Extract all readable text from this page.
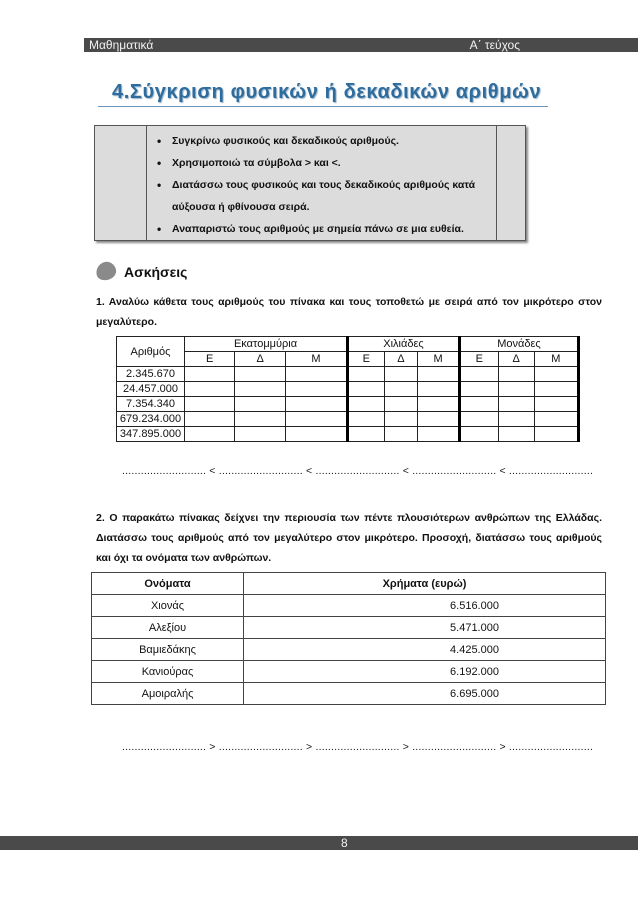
Μαθηματικά	Α΄ τεύχος
4.Σύγκριση φυσικών ή δεκαδικών αριθμών
• Συγκρίνω φυσικούς και δεκαδικούς αριθμούς.
• Χρησιμοποιώ τα σύμβολα > και <.
• Διατάσσω τους φυσικούς και τους δεκαδικούς αριθμούς κατά
αύξουσα ή φθίνουσα σειρά.
• Αναπαριστώ τους αριθμούς με σημεία πάνω σε μια ευθεία.
Ασκήσεις
1. Αναλύω κάθετα τους αριθμούς του πίνακα και τους τοποθετώ με σειρά από τον μικρότερο στον μεγαλύτερο.
Αριθμός	Εκατομμύρια			Χιλιάδες			Μονάδες		
	Ε	Δ	Μ	Ε	Δ	Μ	Ε	Δ	Μ
2.345.670									
24.457.000									
7.354.340									
679.234.000									
347.895.000									
........................... < ........................... < ........................... < ........................... < ...........................
2. Ο παρακάτω πίνακας δείχνει την περιουσία των πέντε πλουσιότερων ανθρώπων της Ελλάδας. Διατάσσω τους αριθμούς από τον μεγαλύτερο στον μικρότερο. Προσοχή, διατάσσω τους αριθμούς και όχι τα ονόματα των ανθρώπων.
Ονόματα	Χρήματα (ευρώ)
Χιονάς	6.516.000
Αλεξίου	5.471.000
Βαμιεδάκης	4.425.000
Κανιούρας	6.192.000
Αμοιραλής	6.695.000
........................... > ........................... > ........................... > ........................... > ...........................
8
